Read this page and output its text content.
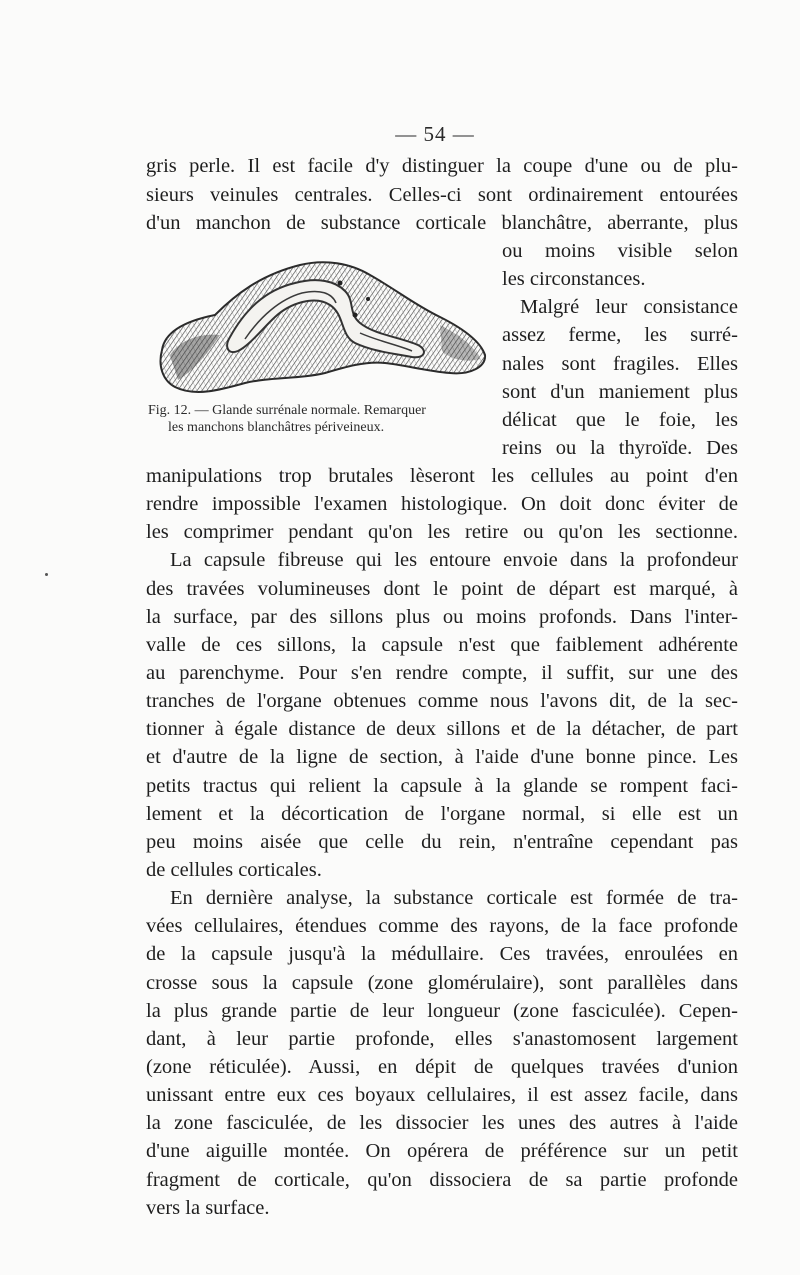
— 54 —
Fig. 12. — Glande surrénale normale. Remarquer
les manchons blanchâtres périveineux.
gris perle. Il est facile d'y distinguer la coupe d'une ou de plu-
sieurs veinules centrales. Celles-ci sont ordinairement entourées
d'un manchon de substance corticale blanchâtre, aberrante, plus
ou moins visible selon
les circonstances.
Malgré leur consistance
assez ferme, les surré-
nales sont fragiles. Elles
sont d'un maniement plus
délicat que le foie, les
reins ou la thyroïde. Des
manipulations trop brutales lèseront les cellules au point d'en
rendre impossible l'examen histologique. On doit donc éviter de
les comprimer pendant qu'on les retire ou qu'on les sectionne.
La capsule fibreuse qui les entoure envoie dans la profondeur
des travées volumineuses dont le point de départ est marqué, à
la surface, par des sillons plus ou moins profonds. Dans l'inter-
valle de ces sillons, la capsule n'est que faiblement adhérente
au parenchyme. Pour s'en rendre compte, il suffit, sur une des
tranches de l'organe obtenues comme nous l'avons dit, de la sec-
tionner à égale distance de deux sillons et de la détacher, de part
et d'autre de la ligne de section, à l'aide d'une bonne pince. Les
petits tractus qui relient la capsule à la glande se rompent faci-
lement et la décortication de l'organe normal, si elle est un
peu moins aisée que celle du rein, n'entraîne cependant pas
de cellules corticales.
En dernière analyse, la substance corticale est formée de tra-
vées cellulaires, étendues comme des rayons, de la face profonde
de la capsule jusqu'à la médullaire. Ces travées, enroulées en
crosse sous la capsule (zone glomérulaire), sont parallèles dans
la plus grande partie de leur longueur (zone fasciculée). Cepen-
dant, à leur partie profonde, elles s'anastomosent largement
(zone réticulée). Aussi, en dépit de quelques travées d'union
unissant entre eux ces boyaux cellulaires, il est assez facile, dans
la zone fasciculée, de les dissocier les unes des autres à l'aide
d'une aiguille montée. On opérera de préférence sur un petit
fragment de corticale, qu'on dissociera de sa partie profonde
vers la surface.
